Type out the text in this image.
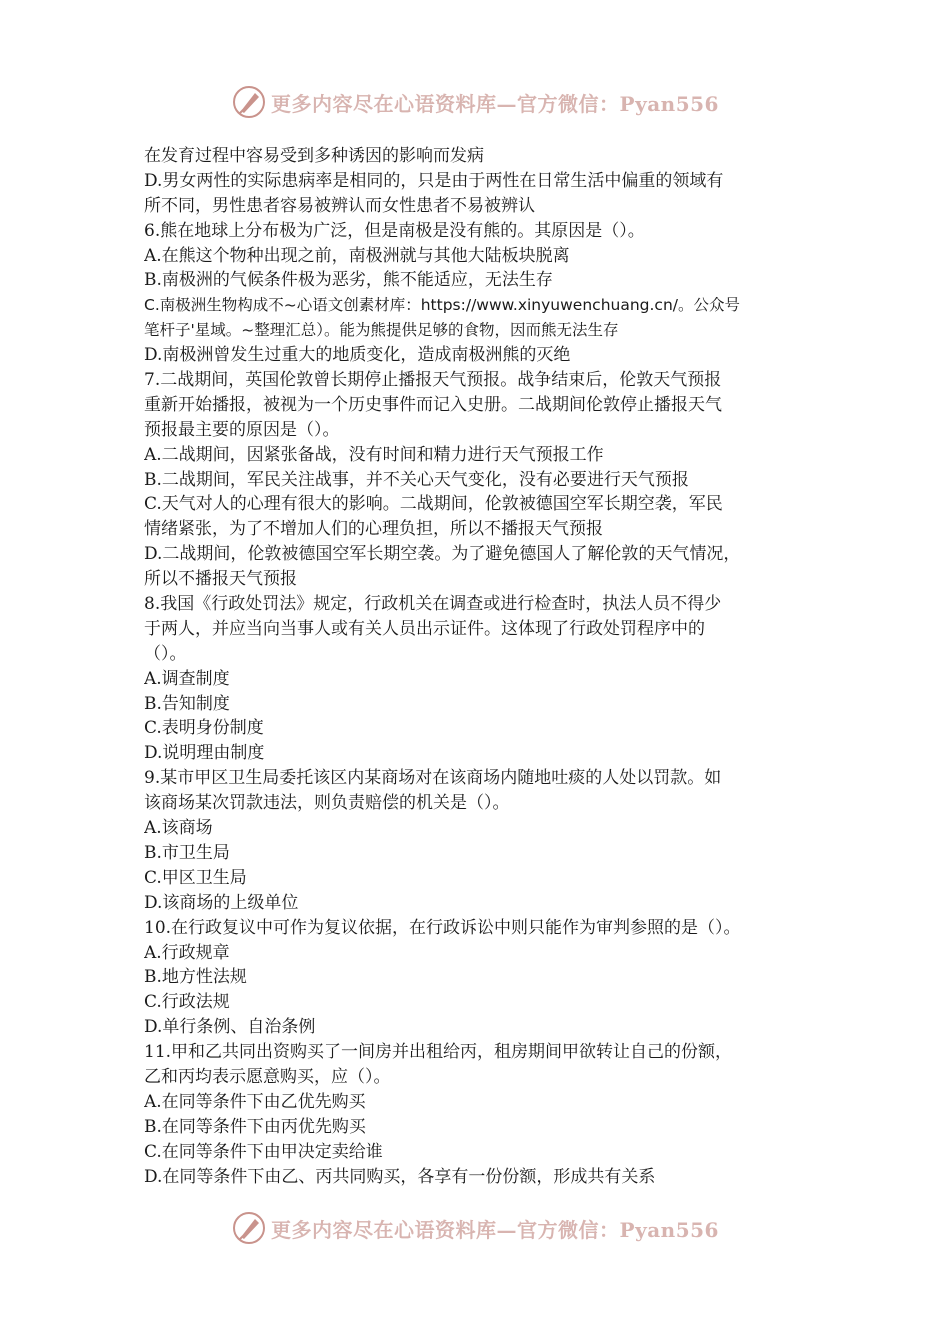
更多内容尽在心语资料库—官方微信：Pyan556
在发育过程中容易受到多种诱因的影响而发病
D.男女两性的实际患病率是相同的，只是由于两性在日常生活中偏重的领域有
所不同，男性患者容易被辨认而女性患者不易被辨认
6.熊在地球上分布极为广泛，但是南极是没有熊的。其原因是（）。
A.在熊这个物种出现之前，南极洲就与其他大陆板块脱离
B.南极洲的气候条件极为恶劣，熊不能适应，无法生存
C.南极洲生物构成不~心语文创素材库：https://www.xinyuwenchuang.cn/。公众号
笔杆子'星域。~整理汇总）。能为熊提供足够的食物，因而熊无法生存
D.南极洲曾发生过重大的地质变化，造成南极洲熊的灭绝
7.二战期间，英国伦敦曾长期停止播报天气预报。战争结束后，伦敦天气预报
重新开始播报，被视为一个历史事件而记入史册。二战期间伦敦停止播报天气
预报最主要的原因是（）。
A.二战期间，因紧张备战，没有时间和精力进行天气预报工作
B.二战期间，军民关注战事，并不关心天气变化，没有必要进行天气预报
C.天气对人的心理有很大的影响。二战期间，伦敦被德国空军长期空袭，军民
情绪紧张，为了不增加人们的心理负担，所以不播报天气预报
D.二战期间，伦敦被德国空军长期空袭。为了避免德国人了解伦敦的天气情况，
所以不播报天气预报
8.我国《行政处罚法》规定，行政机关在调查或进行检查时，执法人员不得少
于两人，并应当向当事人或有关人员出示证件。这体现了行政处罚程序中的
（）。
A.调查制度
B.告知制度
C.表明身份制度
D.说明理由制度
9.某市甲区卫生局委托该区内某商场对在该商场内随地吐痰的人处以罚款。如
该商场某次罚款违法，则负责赔偿的机关是（）。
A.该商场
B.市卫生局
C.甲区卫生局
D.该商场的上级单位
10.在行政复议中可作为复议依据，在行政诉讼中则只能作为审判参照的是（）。
A.行政规章
B.地方性法规
C.行政法规
D.单行条例、自治条例
11.甲和乙共同出资购买了一间房并出租给丙，租房期间甲欲转让自己的份额，
乙和丙均表示愿意购买，应（）。
A.在同等条件下由乙优先购买
B.在同等条件下由丙优先购买
C.在同等条件下由甲决定卖给谁
D.在同等条件下由乙、丙共同购买，各享有一份份额，形成共有关系
更多内容尽在心语资料库—官方微信：Pyan556
